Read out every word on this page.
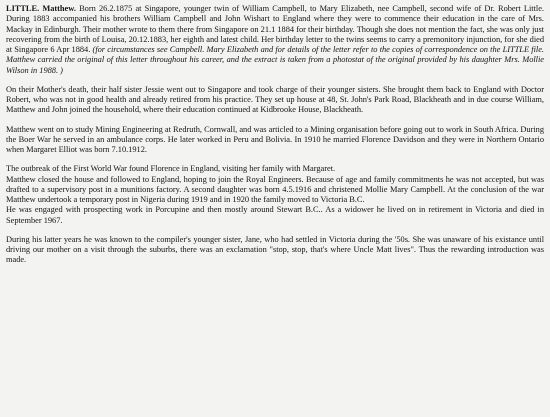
LITTLE. Matthew. Born 26.2.1875 at Singapore, younger twin of William Campbell, to Mary Elizabeth, nee Campbell, second wife of Dr. Robert Little. During 1883 accompanied his brothers William Campbell and John Wishart to England where they were to commence their education in the care of Mrs. Mackay in Edinburgh. Their mother wrote to them there from Singapore on 21.1 1884 for their birthday. Though she does not mention the fact, she was only just recovering from the birth of Louisa, 20.12.1883, her eighth and latest child. Her birthday letter to the twins seems to carry a premonitory injunction, for she died at Singapore 6 Apr 1884. (for circumstances see Campbell. Mary Elizabeth and for details of the letter refer to the copies of correspondence on the LITTLE file. Matthew carried the original of this letter throughout his career, and the extract is taken from a photostat of the original provided by his daughter Mrs. Mollie Wilson in 1988. )

On their Mother's death, their half sister Jessie went out to Singapore and took charge of their younger sisters. She brought them back to England with Doctor Robert, who was not in good health and already retired from his practice. They set up house at 48, St. John's Park Road, Blackheath and in due course William, Matthew and John joined the household, where their education continued at Kidbrooke House, Blackheath.

Matthew went on to study Mining Engineering at Redruth, Cornwall, and was articled to a Mining organisation before going out to work in South Africa. During the Boer War he served in an ambulance corps. He later worked in Peru and Bolivia. In 1910 he married Florence Davidson and they were in Northern Ontario when Margaret Elliot was born 7.10.1912.

The outbreak of the First World War found Florence in England, visiting her family with Margaret.
Matthew closed the house and followed to England, hoping to join the Royal Engineers. Because of age and family commitments he was not accepted, but was drafted to a supervisory post in a munitions factory. A second daughter was born 4.5.1916 and christened Mollie Mary Campbell. At the conclusion of the war Matthew undertook a temporary post in Nigeria during 1919 and in 1920 the family moved to Victoria B.C.
He was engaged with prospecting work in Porcupine and then mostly around Stewart B.C.. As a widower he lived on in retirement in Victoria and died in September 1967.

During his latter years he was known to the compiler's younger sister, Jane, who had settled in Victoria during the '50s. She was unaware of his existance until driving our mother on a visit through the suburbs, there was an exclamation "stop, stop, that's where Uncle Matt lives". Thus the rewarding introduction was made.
